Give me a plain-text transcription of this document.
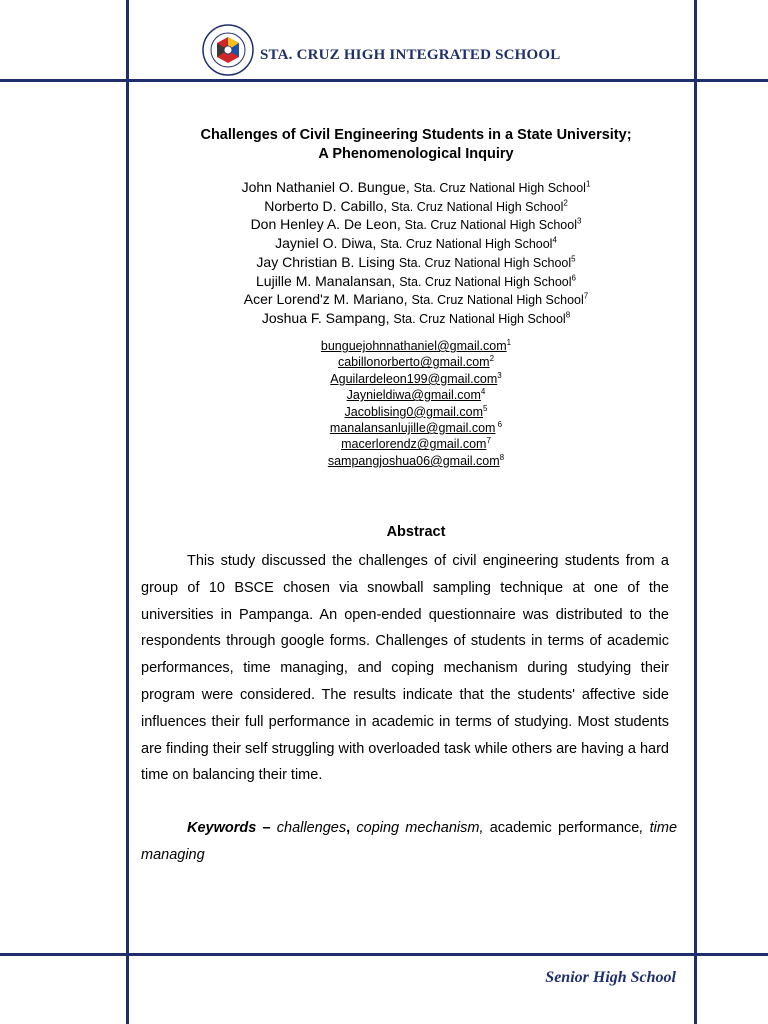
STA. CRUZ HIGH INTEGRATED SCHOOL
Challenges of Civil Engineering Students in a State University;
A Phenomenological Inquiry
John Nathaniel O. Bungue, Sta. Cruz National High School$^1$
Norberto D. Cabillo, Sta. Cruz National High School$^2$
Don Henley A. De Leon, Sta. Cruz National High School$^3$
Jayniel O. Diwa, Sta. Cruz National High School$^4$
Jay Christian B. Lising Sta. Cruz National High School$^5$
Lujille M. Manalansan, Sta. Cruz National High School$^6$
Acer Lorend'z M. Mariano, Sta. Cruz National High School$^7$
Joshua F. Sampang, Sta. Cruz National High School$^8$
bunguejohnnathaniel@gmail.com$^1$
cabillonorberto@gmail.com$^2$
Aguilardeleon199@gmail.com$^3$
Jaynieldiwa@gmail.com$^4$
Jacoblising0@gmail.com$^5$
manalansanlujille@gmail.com $^6$
macerlorendz@gmail.com$^7$
sampangjoshua06@gmail.com$^8$
Abstract

This study discussed the challenges of civil engineering students from a group of 10 BSCE chosen via snowball sampling technique at one of the universities in Pampanga. An open-ended questionnaire was distributed to the respondents through google forms. Challenges of students in terms of academic performances, time managing, and coping mechanism during studying their program were considered. The results indicate that the students' affective side influences their full performance in academic in terms of studying. Most students are finding their self struggling with overloaded task while others are having a hard time on balancing their time.

Keywords – challenges, coping mechanism, academic performance, time managing

Senior High School
